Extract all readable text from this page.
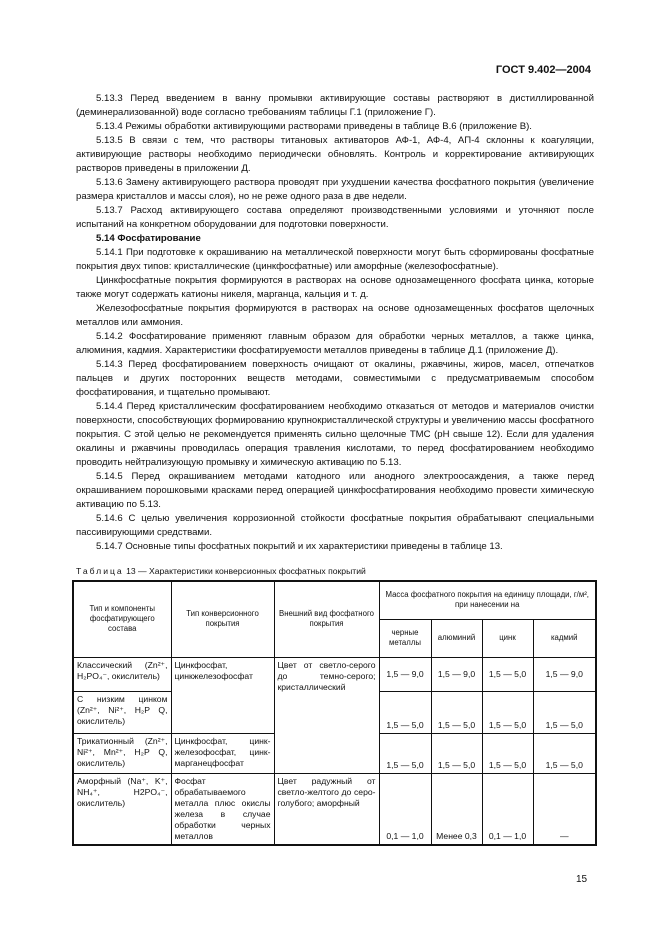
ГОСТ 9.402—2004

5.13.3 Перед введением в ванну промывки активирующие составы растворяют в дистиллированной (деминерализованной) воде согласно требованиям таблицы Г.1 (приложение Г).

5.13.4 Режимы обработки активирующими растворами приведены в таблице В.6 (приложение В).

5.13.5 В связи с тем, что растворы титановых активаторов АФ-1, АФ-4, АП-4 склонны к коагуляции, активирующие растворы необходимо периодически обновлять. Контроль и корректирование активирующих растворов приведены в приложении Д.

5.13.6 Замену активирующего раствора проводят при ухудшении качества фосфатного покрытия (увеличение размера кристаллов и массы слоя), но не реже одного раза в две недели.

5.13.7 Расход активирующего состава определяют производственными условиями и уточняют после испытаний на конкретном оборудовании для подготовки поверхности.

5.14 Фосфатирование

5.14.1 При подготовке к окрашиванию на металлической поверхности могут быть сформированы фосфатные покрытия двух типов: кристаллические (цинкфосфатные) или аморфные (железофосфатные).

Цинкфосфатные покрытия формируются в растворах на основе однозамещенного фосфата цинка, которые также могут содержать катионы никеля, марганца, кальция и т. д.

Железофосфатные покрытия формируются в растворах на основе однозамещенных фосфатов щелочных металлов или аммония.

5.14.2 Фосфатирование применяют главным образом для обработки черных металлов, а также цинка, алюминия, кадмия. Характеристики фосфатируемости металлов приведены в таблице Д.1 (приложение Д).

5.14.3 Перед фосфатированием поверхность очищают от окалины, ржавчины, жиров, масел, отпечатков пальцев и других посторонних веществ методами, совместимыми с предусматриваемым способом фосфатирования, и тщательно промывают.

5.14.4 Перед кристаллическим фосфатированием необходимо отказаться от методов и материалов очистки поверхности, способствующих формированию крупнокристаллической структуры и увеличению массы фосфатного покрытия. С этой целью не рекомендуется применять сильно щелочные ТМС (pH свыше 12). Если для удаления окалины и ржавчины проводилась операция травления кислотами, то перед фосфатированием необходимо проводить нейтрализующую промывку и химическую активацию по 5.13.

5.14.5 Перед окрашиванием методами катодного или анодного электроосаждения, а также перед окрашиванием порошковыми красками перед операцией цинкфосфатирования необходимо провести химическую активацию по 5.13.

5.14.6 С целью увеличения коррозионной стойкости фосфатные покрытия обрабатывают специальными пассивирующими средствами.

5.14.7 Основные типы фосфатных покрытий и их характеристики приведены в таблице 13.

Таблица 13 — Характеристики конверсионных фосфатных покрытий
Тип и компоненты фосфатирующего состава	Тип конверсионного покрытия	Внешний вид фосфатного покрытия	Масса фосфатного покрытия на единицу площади, г/м², при нанесении на			
			черные металлы	алюминий	цинк	кадмий
Классический (Zn²⁺, H₂PO₄⁻, окислитель)	Цинкфосфат, цинкжелезофосфат	Цвет от светло-серого до темно-серого; кристаллический	1,5 — 9,0	1,5 — 9,0	1,5 — 5,0	1,5 — 9,0
С низким цинком (Zn²⁺, Ni²⁺, H₂P Q, окислитель)			1,5 — 5,0	1,5 — 5,0	1,5 — 5,0	1,5 — 5,0
Трикатионный (Zn²⁺, Ni²⁺, Mn²⁺, H₂P Q, окислитель)	Цинкфосфат, цинк-железофосфат, цинк-марганецфосфат		1,5 — 5,0	1,5 — 5,0	1,5 — 5,0	1,5 — 5,0
Аморфный (Na⁺, K⁺, NH₄⁺, H2PO₄⁻, окислитель)	Фосфат обрабатываемого металла плюс окислы железа в случае обработки черных металлов	Цвет радужный от светло-желтого до серо-голубого; аморфный	0,1 — 1,0	Менее 0,3	0,1 — 1,0	—
15
